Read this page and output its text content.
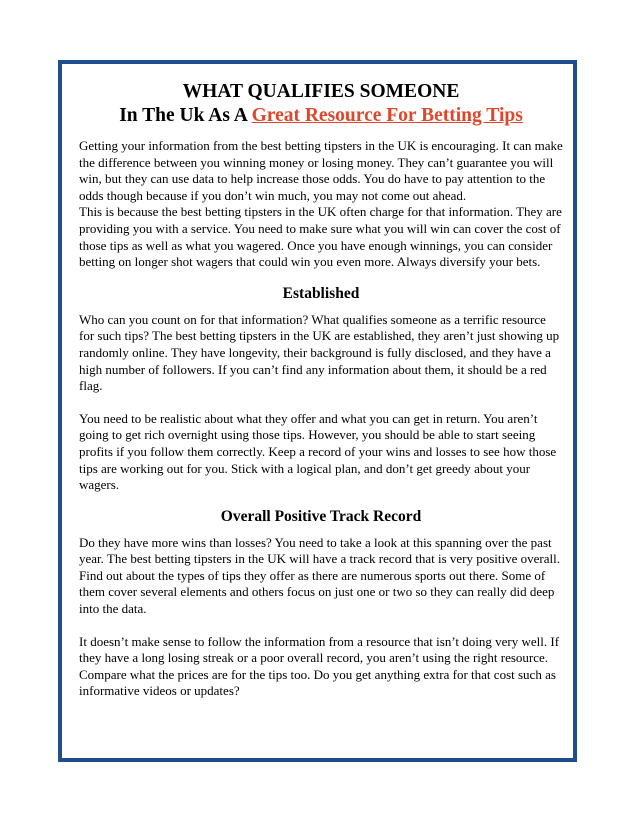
WHAT QUALIFIES SOMEONE
In The Uk As A Great Resource For Betting Tips

Getting your information from the best betting tipsters in the UK is encouraging. It can make the difference between you winning money or losing money. They can’t guarantee you will win, but they can use data to help increase those odds. You do have to pay attention to the odds though because if you don’t win much, you may not come out ahead.

This is because the best betting tipsters in the UK often charge for that information. They are providing you with a service. You need to make sure what you will win can cover the cost of those tips as well as what you wagered. Once you have enough winnings, you can consider betting on longer shot wagers that could win you even more. Always diversify your bets.

Established

Who can you count on for that information? What qualifies someone as a terrific resource for such tips? The best betting tipsters in the UK are established, they aren’t just showing up randomly online. They have longevity, their background is fully disclosed, and they have a high number of followers. If you can’t find any information about them, it should be a red flag.

You need to be realistic about what they offer and what you can get in return. You aren’t going to get rich overnight using those tips. However, you should be able to start seeing profits if you follow them correctly. Keep a record of your wins and losses to see how those tips are working out for you. Stick with a logical plan, and don’t get greedy about your wagers.

Overall Positive Track Record

Do they have more wins than losses? You need to take a look at this spanning over the past year. The best betting tipsters in the UK will have a track record that is very positive overall. Find out about the types of tips they offer as there are numerous sports out there. Some of them cover several elements and others focus on just one or two so they can really did deep into the data.

It doesn’t make sense to follow the information from a resource that isn’t doing very well. If they have a long losing streak or a poor overall record, you aren’t using the right resource. Compare what the prices are for the tips too. Do you get anything extra for that cost such as informative videos or updates?
